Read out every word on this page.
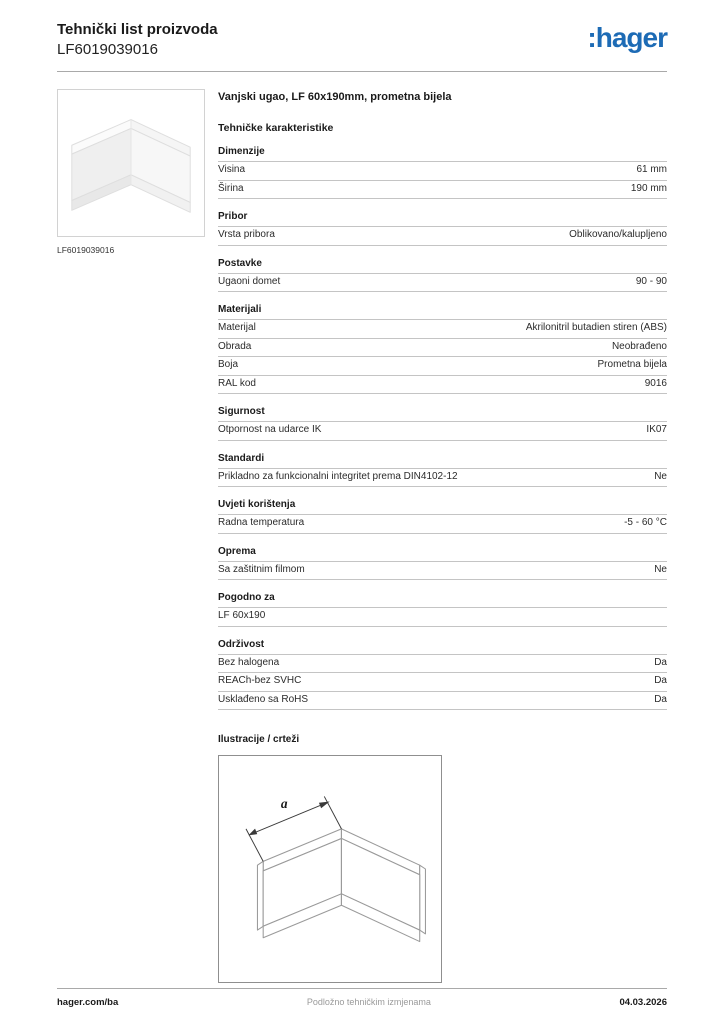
Tehnički list proizvoda
LF6019039016	:hager
LF6019039016
Vanjski ugao, LF 60x190mm, prometna bijela
Tehničke karakteristike
Dimenzije
Visina	61 mm
Širina	190 mm
Pribor
Vrsta pribora	Oblikovano/kalupljeno
Postavke
Ugaoni domet	90 - 90
Materijali
Materijal	Akrilonitril butadien stiren (ABS)
Obrada	Neobrađeno
Boja	Prometna bijela
RAL kod	9016
Sigurnost
Otpornost na udarce IK	IK07
Standardi
Prikladno za funkcionalni integritet prema DIN4102-12	Ne
Uvjeti korištenja
Radna temperatura	-5 - 60 °C
Oprema
Sa zaštitnim filmom	Ne
Pogodno za
LF 60x190
Održivost
Bez halogena	Da
REACh-bez SVHC	Da
Usklađeno sa RoHS	Da
Ilustracije / crteži
a
hager.com/ba	Podložno tehničkim izmjenama	04.03.2026
